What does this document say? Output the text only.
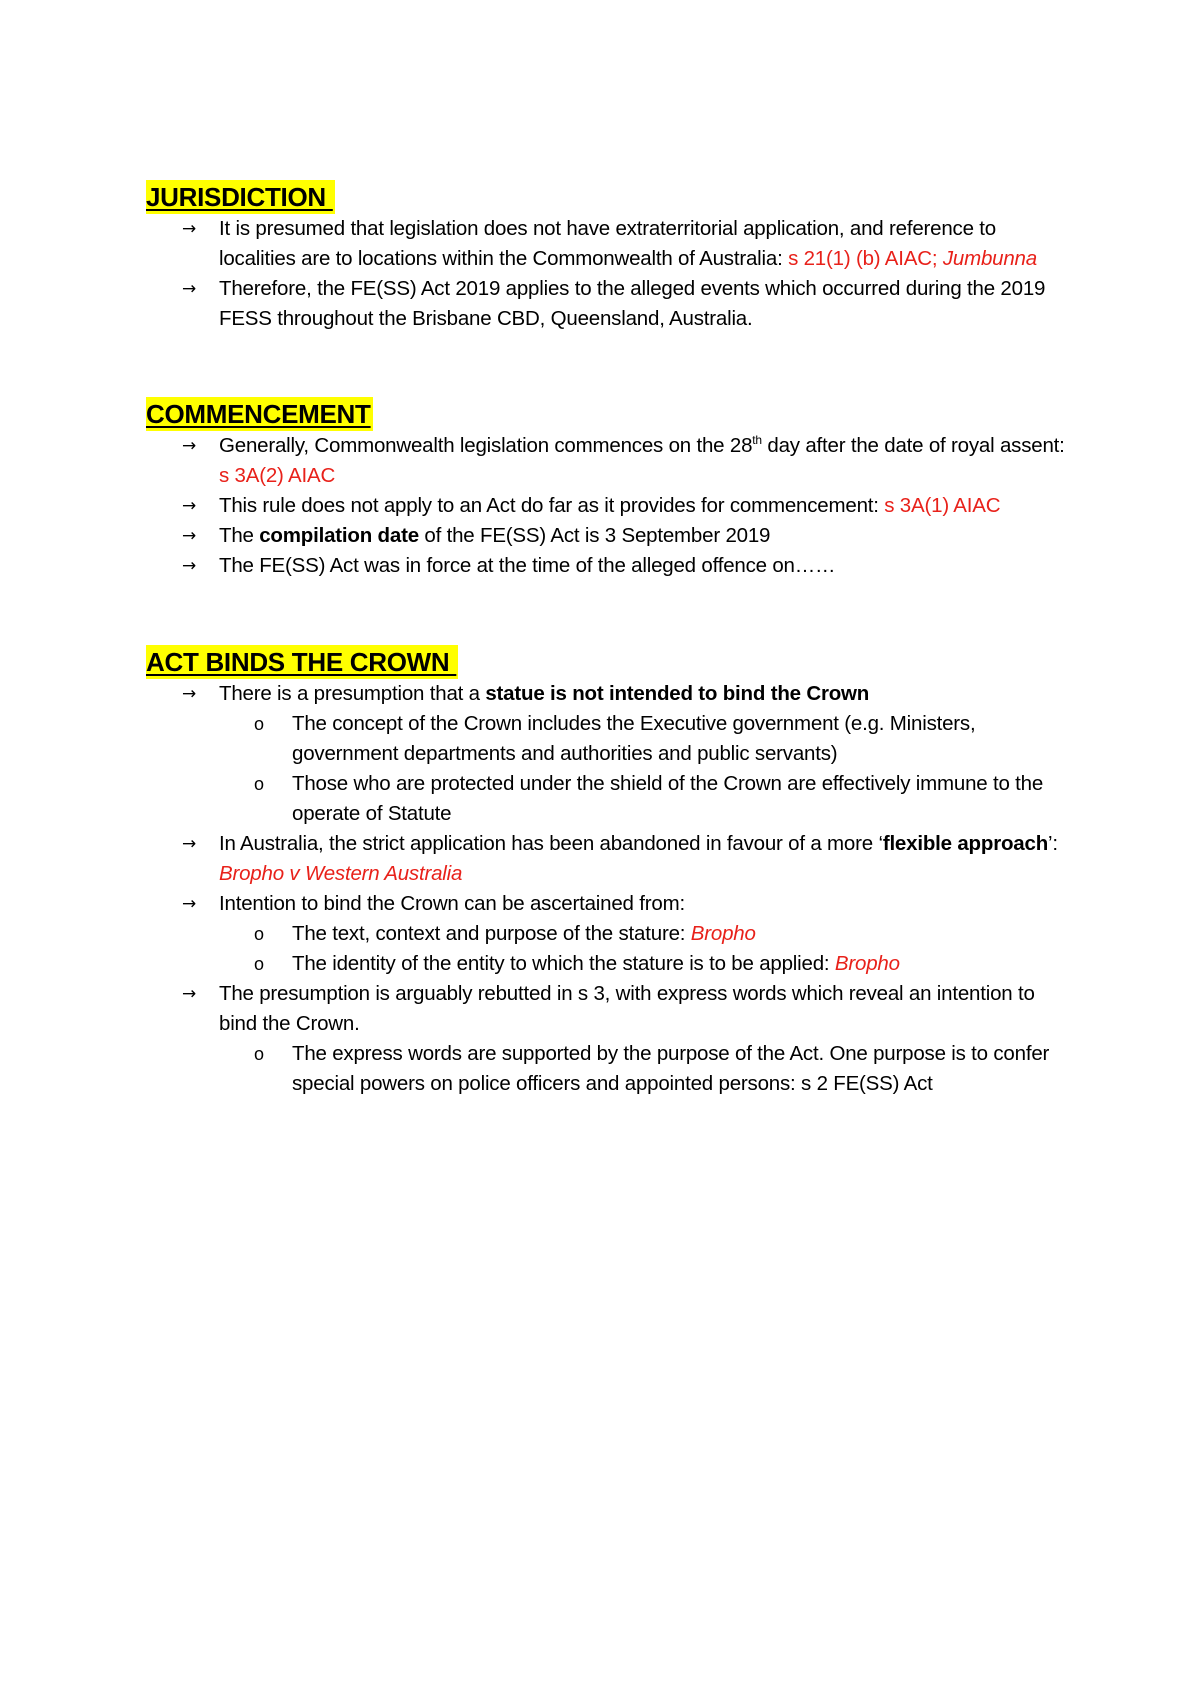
JURISDICTION
→ It is presumed that legislation does not have extraterritorial application, and reference to localities are to locations within the Commonwealth of Australia: s 21(1) (b) AIAC; Jumbunna
→ Therefore, the FE(SS) Act 2019 applies to the alleged events which occurred during the 2019 FESS throughout the Brisbane CBD, Queensland, Australia.
COMMENCEMENT
→ Generally, Commonwealth legislation commences on the 28th day after the date of royal assent: s 3A(2) AIAC
→ This rule does not apply to an Act do far as it provides for commencement: s 3A(1) AIAC
→ The compilation date of the FE(SS) Act is 3 September 2019
→ The FE(SS) Act was in force at the time of the alleged offence on……
ACT BINDS THE CROWN
→ There is a presumption that a statue is not intended to bind the Crown
o The concept of the Crown includes the Executive government (e.g. Ministers, government departments and authorities and public servants)
o Those who are protected under the shield of the Crown are effectively immune to the operate of Statute
→ In Australia, the strict application has been abandoned in favour of a more ‘flexible approach’: Bropho v Western Australia
→ Intention to bind the Crown can be ascertained from:
o The text, context and purpose of the stature: Bropho
o The identity of the entity to which the stature is to be applied: Bropho
→ The presumption is arguably rebutted in s 3, with express words which reveal an intention to bind the Crown.
o The express words are supported by the purpose of the Act. One purpose is to confer special powers on police officers and appointed persons: s 2 FE(SS) Act
